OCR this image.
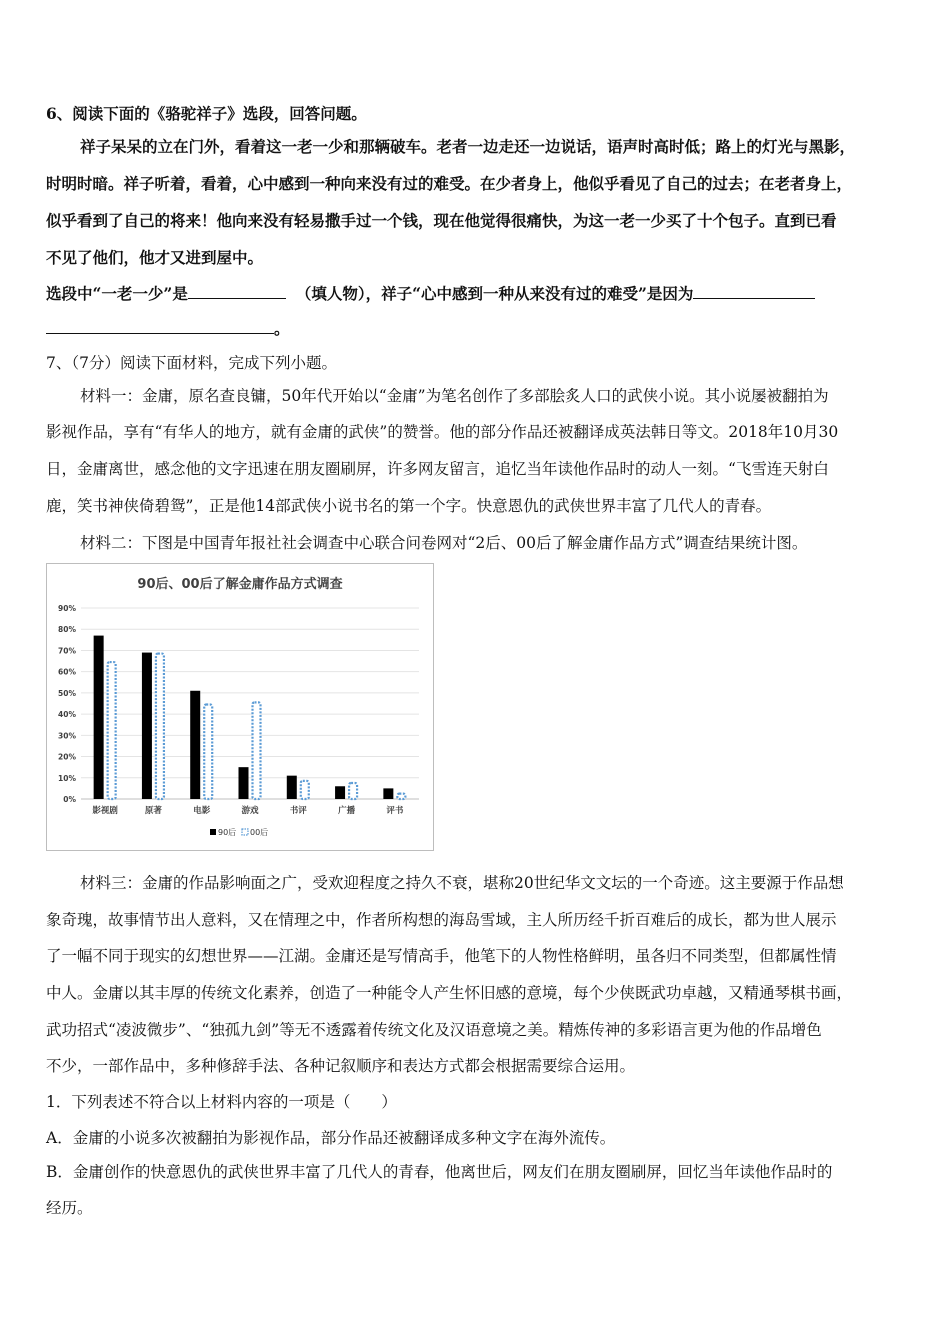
6、阅读下面的《骆驼祥子》选段，回答问题。
祥子呆呆的立在门外，看着这一老一少和那辆破车。老者一边走还一边说话，语声时高时低；路上的灯光与黑影，
时明时暗。祥子听着，看着，心中感到一种向来没有过的难受。在少者身上，他似乎看见了自己的过去；在老者身上，
似乎看到了自己的将来！他向来没有轻易撒手过一个钱，现在他觉得很痛快，为这一老一少买了十个包子。直到已看
不见了他们，他才又进到屋中。
选段中“一老一少”是	（填人物），祥子“心中感到一种从来没有过的难受”是因为
。
7、（7分）阅读下面材料，完成下列小题。
材料一：金庸，原名查良镛，50年代开始以“金庸”为笔名创作了多部脍炙人口的武侠小说。其小说屡被翻拍为
影视作品，享有“有华人的地方，就有金庸的武侠”的赞誉。他的部分作品还被翻译成英法韩日等文。2018年10月30
日，金庸离世，感念他的文字迅速在朋友圈刷屏，许多网友留言，追忆当年读他作品时的动人一刻。“飞雪连天射白
鹿，笑书神侠倚碧鸳”，正是他14部武侠小说书名的第一个字。快意恩仇的武侠世界丰富了几代人的青春。
材料二：下图是中国青年报社社会调查中心联合问卷网对“2后、00后了解金庸作品方式”调查结果统计图。
90后、00后了解金庸作品方式调查
0%
10%
20%
30%
40%
50%
60%
70%
80%
90%
影视剧	原著	电影	游戏	书评	广播	评书
90后 00后
材料三：金庸的作品影响面之广，受欢迎程度之持久不衰，堪称20世纪华文文坛的一个奇迹。这主要源于作品想
象奇瑰，故事情节出人意料，又在情理之中，作者所构想的海岛雪域，主人所历经千折百难后的成长，都为世人展示
了一幅不同于现实的幻想世界——江湖。金庸还是写情高手，他笔下的人物性格鲜明，虽各归不同类型，但都属性情
中人。金庸以其丰厚的传统文化素养，创造了一种能令人产生怀旧感的意境，每个少侠既武功卓越，又精通琴棋书画，
武功招式“凌波微步”、“独孤九剑”等无不透露着传统文化及汉语意境之美。精炼传神的多彩语言更为他的作品增色
不少，一部作品中，多种修辞手法、各种记叙顺序和表达方式都会根据需要综合运用。
1．下列表述不符合以上材料内容的一项是（　　）
A．金庸的小说多次被翻拍为影视作品，部分作品还被翻译成多种文字在海外流传。
B．金庸创作的快意恩仇的武侠世界丰富了几代人的青春，他离世后，网友们在朋友圈刷屏，回忆当年读他作品时的
经历。
